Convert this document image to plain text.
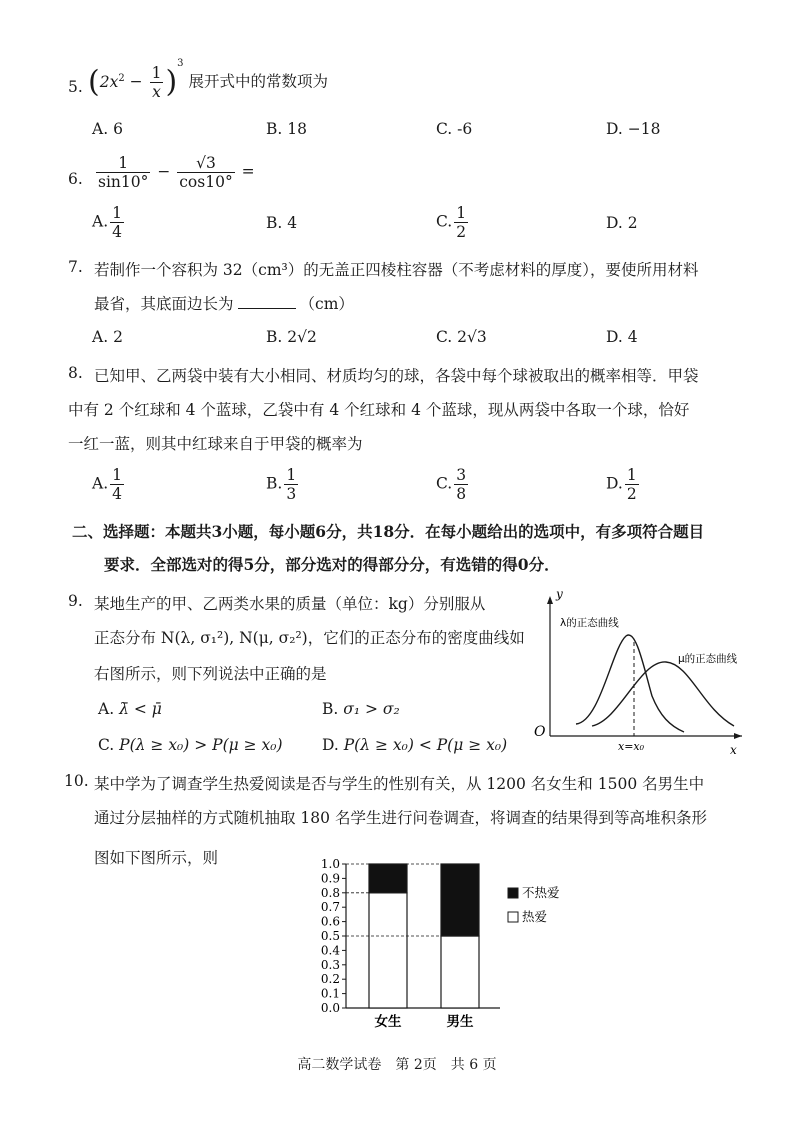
5. $(2x^2 - \frac{1}{x} )^3$ 展开式中的常数项为
A. 6	B. 18	C. -6	D. −18
6. $\frac{1}{\sin 10^\circ} - \frac{√3}{\cos 10^\circ}$ =
A. $\frac{1}{4}$	B. 4	C. $\frac{1}{2}$	D. 2
7. 若制作一个容积为 32（cm³）的无盖正四棱柱容器（不考虑材料的厚度），要使所用材料
最省，其底面边长为	（cm）
A. 2	B. 2√2	C. 2√3	D. 4
8. 已知甲、乙两袋中装有大小相同、材质均匀的球，各袋中每个球被取出的概率相等．甲袋
中有 2 个红球和 4 个蓝球，乙袋中有 4 个红球和 4 个蓝球，现从两袋中各取一个球，恰好
一红一蓝，则其中红球来自于甲袋的概率为
A. $\frac{1}{4}$	B. $\frac{1}{3}$	C. $\frac{3}{8}$	D. $\frac{1}{2}$
二、选择题：本题共3小题，每小题6分，共18分．在每小题给出的选项中，有多项符合题目
要求．全部选对的得5分，部分选对的得部分分，有选错的得0分．
9. 某地生产的甲、乙两类水果的质量（单位：kg）分别服从
正态分布 N(λ, σ₁²), N(μ, σ₂²)，它们的正态分布的密度曲线如
右图所示，则下列说法中正确的是
A. λ̄ < μ̄	B. σ₁ > σ₂
C. P(λ ≥ x₀) > P(μ ≥ x₀)	D. P(λ ≥ x₀) < P(μ ≥ x₀)
y
x
O
λ的正态曲线
μ的正态曲线
x=x₀
10. 某中学为了调查学生热爱阅读是否与学生的性别有关，从 1200 名女生和 1500 名男生中
通过分层抽样的方式随机抽取 180 名学生进行问卷调查，将调查的结果得到等高堆积条形
图如下图所示，则
0.0
0.1
0.2
0.3
0.4
0.5
0.6
0.7
0.8
0.9
1.0
女生	男生
不热爱
热爱
高二数学试卷　第 2页　共 6 页
